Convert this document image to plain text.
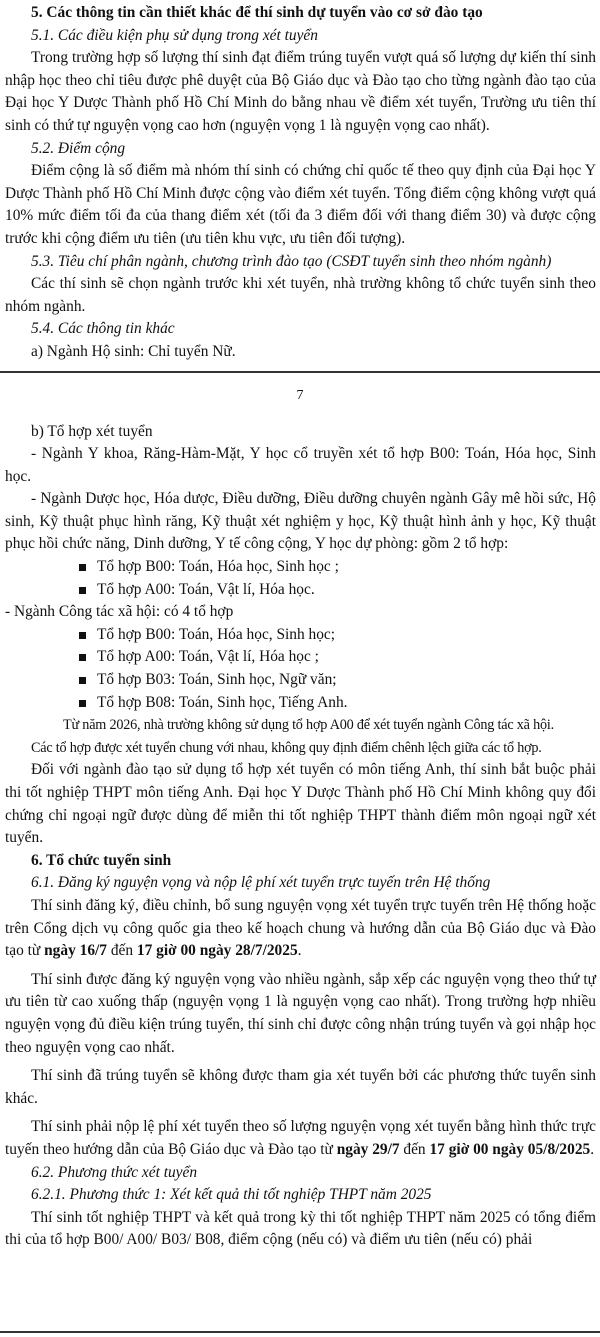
5. Các thông tin cần thiết khác để thí sinh dự tuyển vào cơ sở đào tạo

5.1. Các điều kiện phụ sử dụng trong xét tuyển

Trong trường hợp số lượng thí sinh đạt điểm trúng tuyển vượt quá số lượng dự kiến thí sinh nhập học theo chỉ tiêu được phê duyệt của Bộ Giáo dục và Đào tạo cho từng ngành đào tạo của Đại học Y Dược Thành phố Hồ Chí Minh do bằng nhau về điểm xét tuyển, Trường ưu tiên thí sinh có thứ tự nguyện vọng cao hơn (nguyện vọng 1 là nguyện vọng cao nhất).

5.2. Điểm cộng

Điểm cộng là số điểm mà nhóm thí sinh có chứng chỉ quốc tế theo quy định của Đại học Y Dược Thành phố Hồ Chí Minh được cộng vào điểm xét tuyển. Tổng điểm cộng không vượt quá 10% mức điểm tối đa của thang điểm xét (tối đa 3 điểm đối với thang điểm 30) và được cộng trước khi cộng điểm ưu tiên (ưu tiên khu vực, ưu tiên đối tượng).

5.3. Tiêu chí phân ngành, chương trình đào tạo (CSĐT tuyển sinh theo nhóm ngành)

Các thí sinh sẽ chọn ngành trước khi xét tuyển, nhà trường không tổ chức tuyển sinh theo nhóm ngành.

5.4. Các thông tin khác

a) Ngành Hộ sinh: Chỉ tuyển Nữ.

7

b) Tổ hợp xét tuyển

- Ngành Y khoa, Răng-Hàm-Mặt, Y học cổ truyền xét tổ hợp B00: Toán, Hóa học, Sinh học.

- Ngành Dược học, Hóa dược, Điều dưỡng, Điều dưỡng chuyên ngành Gây mê hồi sức, Hộ sinh, Kỹ thuật phục hình răng, Kỹ thuật xét nghiệm y học, Kỹ thuật hình ảnh y học, Kỹ thuật phục hồi chức năng, Dinh dưỡng, Y tế công cộng, Y học dự phòng: gồm 2 tổ hợp:

Tổ hợp B00: Toán, Hóa học, Sinh học ;
Tổ hợp A00: Toán, Vật lí, Hóa học.

- Ngành Công tác xã hội: có 4 tổ hợp

Tổ hợp B00: Toán, Hóa học, Sinh học;
Tổ hợp A00: Toán, Vật lí, Hóa học ;
Tổ hợp B03: Toán, Sinh học, Ngữ văn;
Tổ hợp B08: Toán, Sinh học, Tiếng Anh.

Từ năm 2026, nhà trường không sử dụng tổ hợp A00 để xét tuyển ngành Công tác xã hội.

Các tổ hợp được xét tuyển chung với nhau, không quy định điểm chênh lệch giữa các tổ hợp.

Đối với ngành đào tạo sử dụng tổ hợp xét tuyển có môn tiếng Anh, thí sinh bắt buộc phải thi tốt nghiệp THPT môn tiếng Anh. Đại học Y Dược Thành phố Hồ Chí Minh không quy đổi chứng chỉ ngoại ngữ được dùng để miễn thi tốt nghiệp THPT thành điểm môn ngoại ngữ xét tuyển.

6. Tổ chức tuyển sinh

6.1. Đăng ký nguyện vọng và nộp lệ phí xét tuyển trực tuyến trên Hệ thống

Thí sinh đăng ký, điều chỉnh, bổ sung nguyện vọng xét tuyển trực tuyến trên Hệ thống hoặc trên Cổng dịch vụ công quốc gia theo kế hoạch chung và hướng dẫn của Bộ Giáo dục và Đào tạo từ ngày 16/7 đến 17 giờ 00 ngày 28/7/2025.

Thí sinh được đăng ký nguyện vọng vào nhiều ngành, sắp xếp các nguyện vọng theo thứ tự ưu tiên từ cao xuống thấp (nguyện vọng 1 là nguyện vọng cao nhất). Trong trường hợp nhiều nguyện vọng đủ điều kiện trúng tuyển, thí sinh chỉ được công nhận trúng tuyển và gọi nhập học theo nguyện vọng cao nhất.

Thí sinh đã trúng tuyển sẽ không được tham gia xét tuyển bởi các phương thức tuyển sinh khác.

Thí sinh phải nộp lệ phí xét tuyển theo số lượng nguyện vọng xét tuyển bằng hình thức trực tuyến theo hướng dẫn của Bộ Giáo dục và Đào tạo từ ngày 29/7 đến 17 giờ 00 ngày 05/8/2025.

6.2. Phương thức xét tuyển

6.2.1. Phương thức 1: Xét kết quả thi tốt nghiệp THPT năm 2025

Thí sinh tốt nghiệp THPT và kết quả trong kỳ thi tốt nghiệp THPT năm 2025 có tổng điểm thi của tổ hợp B00/ A00/ B03/ B08, điểm cộng (nếu có) và điểm ưu tiên (nếu có) phải
